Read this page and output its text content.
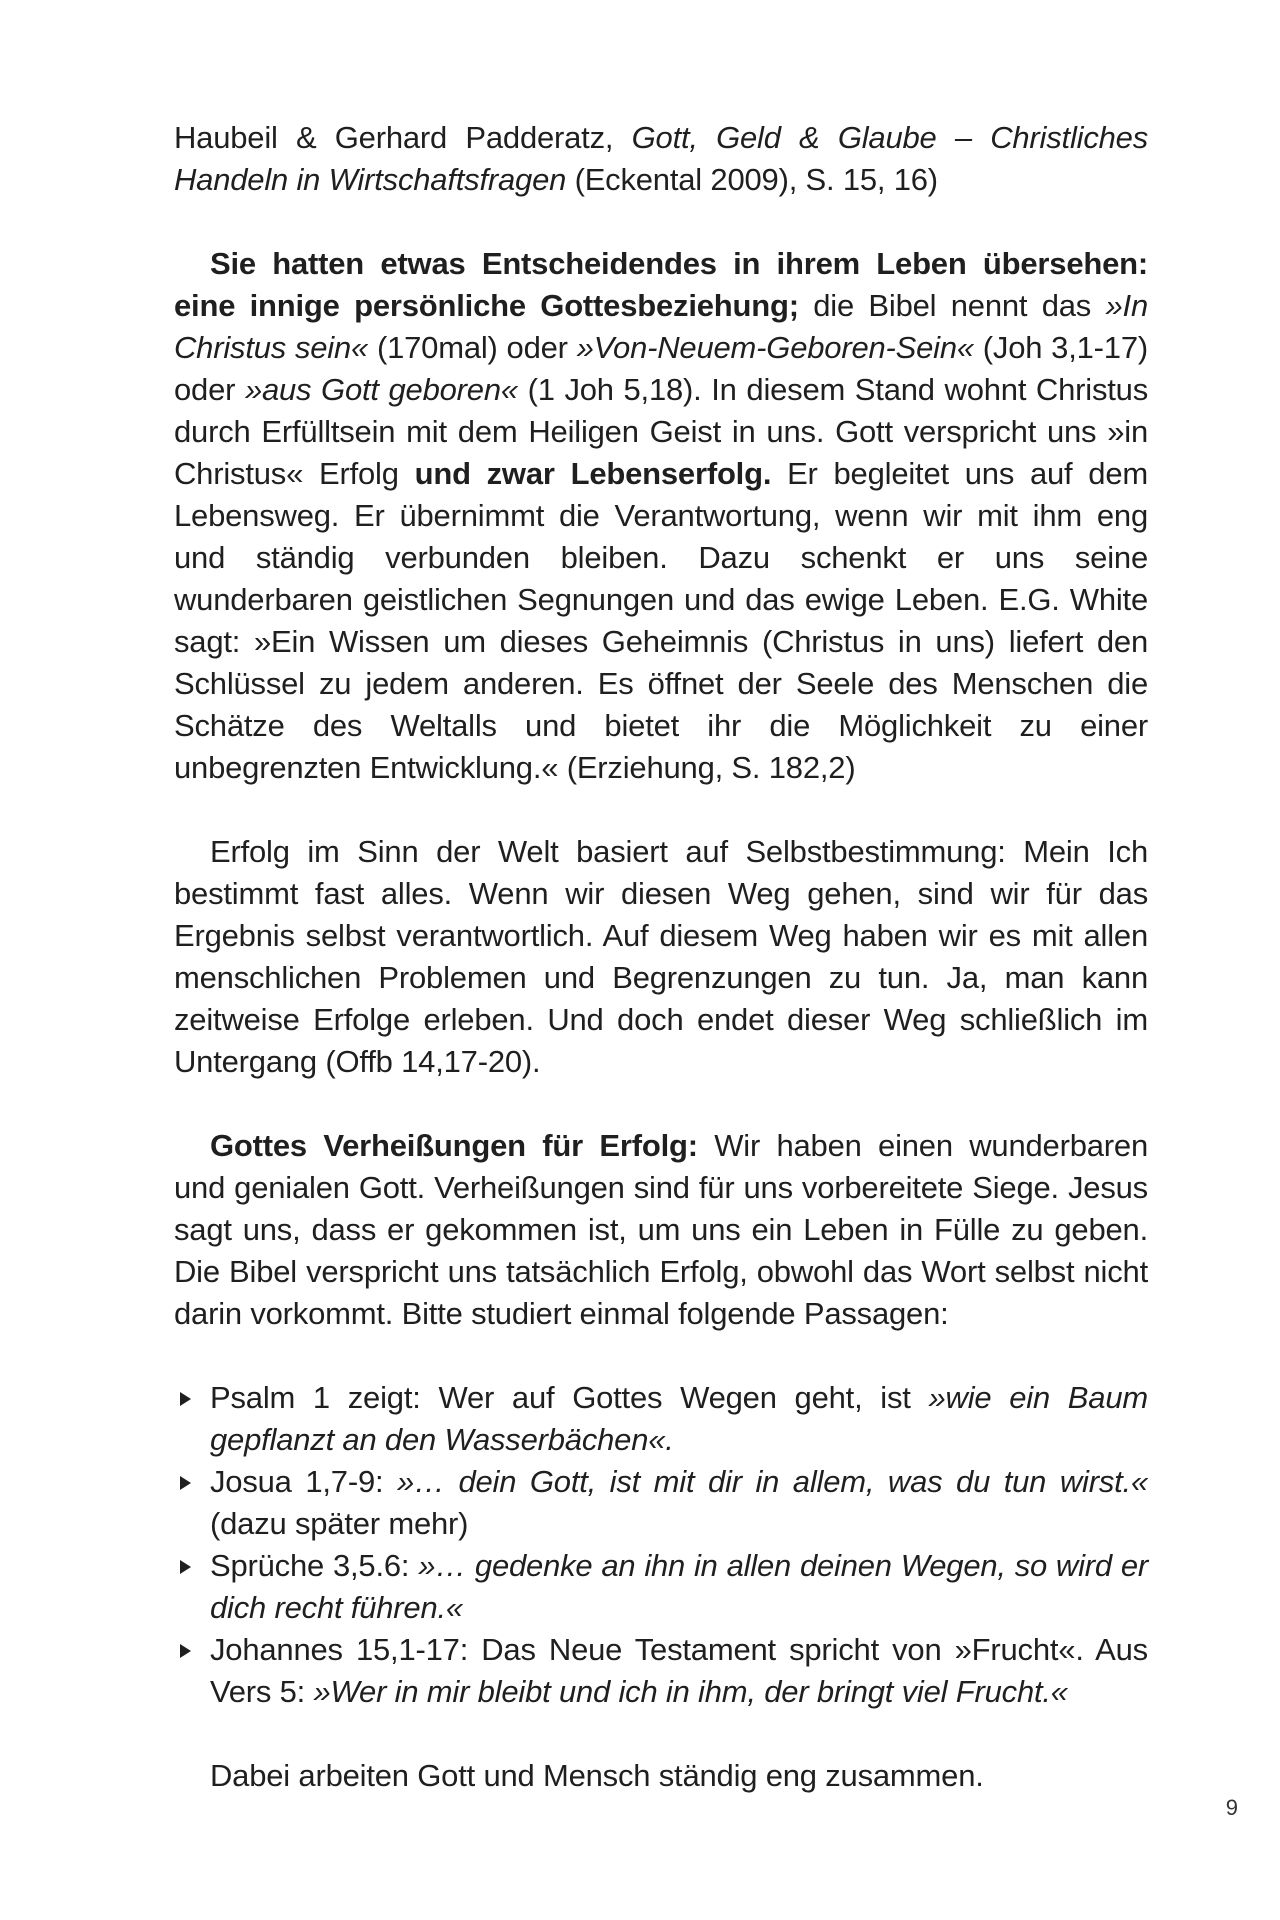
Haubeil & Gerhard Padderatz, Gott, Geld & Glaube – Christliches Handeln in Wirtschaftsfragen (Eckental 2009), S. 15, 16)

Sie hatten etwas Entscheidendes in ihrem Leben übersehen: eine innige persönliche Gottesbeziehung; die Bibel nennt das »In Christus sein« (170mal) oder »Von-Neuem-Geboren-Sein« (Joh 3,1-17) oder »aus Gott geboren« (1 Joh 5,18). In diesem Stand wohnt Christus durch Erfülltsein mit dem Heiligen Geist in uns. Gott verspricht uns »in Christus« Erfolg und zwar Lebenserfolg. Er begleitet uns auf dem Lebensweg. Er übernimmt die Verantwortung, wenn wir mit ihm eng und ständig verbunden bleiben. Dazu schenkt er uns seine wunderbaren geistlichen Segnungen und das ewige Leben. E.G. White sagt: »Ein Wissen um dieses Geheimnis (Christus in uns) liefert den Schlüssel zu jedem anderen. Es öffnet der Seele des Menschen die Schätze des Weltalls und bietet ihr die Möglichkeit zu einer unbegrenzten Entwicklung.« (Erziehung, S. 182,2)

Erfolg im Sinn der Welt basiert auf Selbstbestimmung: Mein Ich bestimmt fast alles. Wenn wir diesen Weg gehen, sind wir für das Ergebnis selbst verantwortlich. Auf diesem Weg haben wir es mit allen menschlichen Problemen und Begrenzungen zu tun. Ja, man kann zeitweise Erfolge erleben. Und doch endet dieser Weg schließlich im Untergang (Offb 14,17-20).

Gottes Verheißungen für Erfolg: Wir haben einen wunderbaren und genialen Gott. Verheißungen sind für uns vorbereitete Siege. Jesus sagt uns, dass er gekommen ist, um uns ein Leben in Fülle zu geben. Die Bibel verspricht uns tatsächlich Erfolg, obwohl das Wort selbst nicht darin vorkommt. Bitte studiert einmal folgende Passagen:

Psalm 1 zeigt: Wer auf Gottes Wegen geht, ist »wie ein Baum gepflanzt an den Wasserbächen«.
Josua 1,7-9: »… dein Gott, ist mit dir in allem, was du tun wirst.« (dazu später mehr)
Sprüche 3,5.6: »… gedenke an ihn in allen deinen Wegen, so wird er dich recht führen.«
Johannes 15,1-17: Das Neue Testament spricht von »Frucht«. Aus Vers 5: »Wer in mir bleibt und ich in ihm, der bringt viel Frucht.«

Dabei arbeiten Gott und Mensch ständig eng zusammen.

9
